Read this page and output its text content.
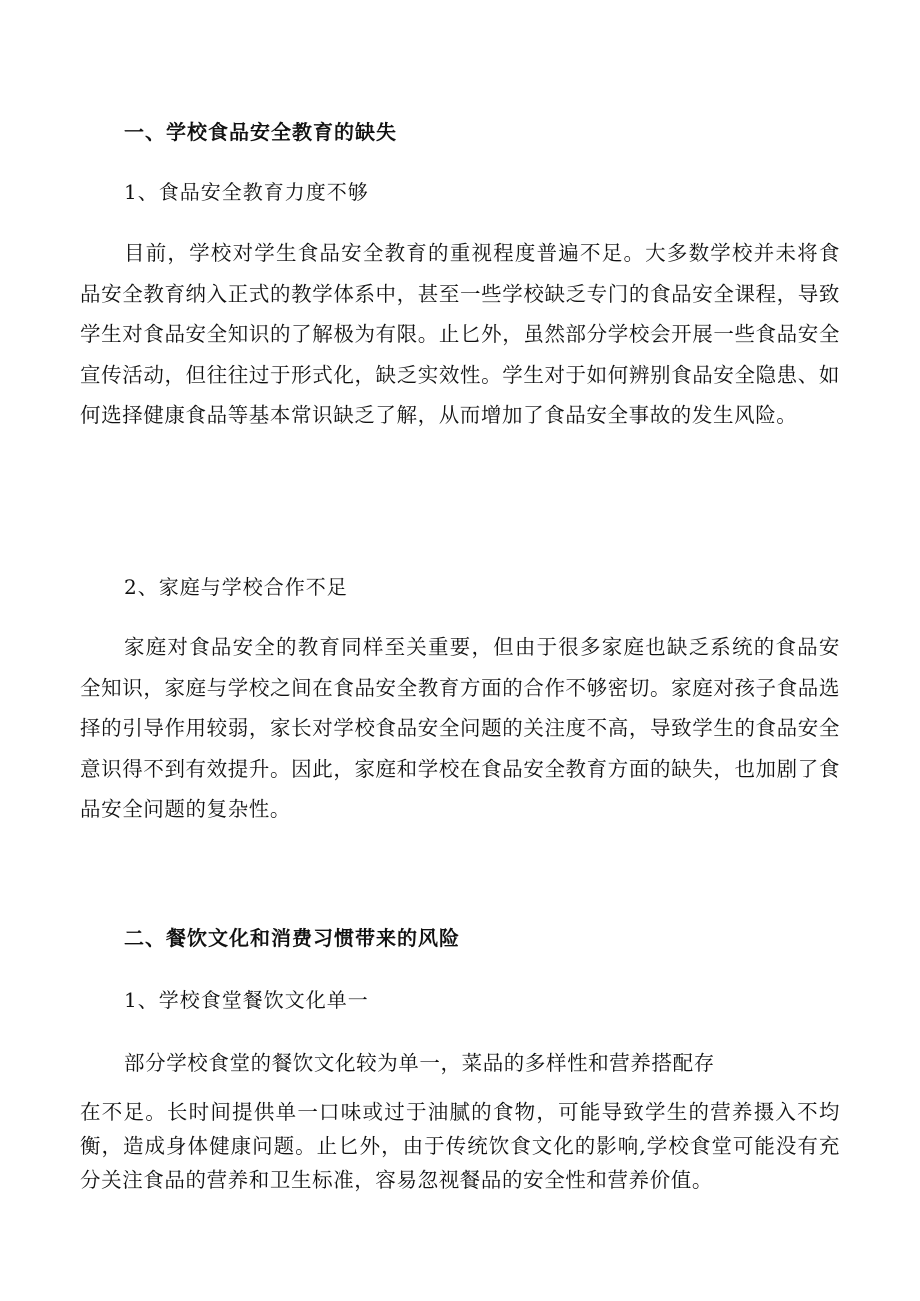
一、学校食品安全教育的缺失
1、食品安全教育力度不够

目前，学校对学生食品安全教育的重视程度普遍不足。大多数学校并未将食品安全教育纳入正式的教学体系中，甚至一些学校缺乏专门的食品安全课程，导致学生对食品安全知识的了解极为有限。止匕外，虽然部分学校会开展一些食品安全宣传活动，但往往过于形式化，缺乏实效性。学生对于如何辨别食品安全隐患、如何选择健康食品等基本常识缺乏了解，从而增加了食品安全事故的发生风险。

2、家庭与学校合作不足

家庭对食品安全的教育同样至关重要，但由于很多家庭也缺乏系统的食品安全知识，家庭与学校之间在食品安全教育方面的合作不够密切。家庭对孩子食品选择的引导作用较弱，家长对学校食品安全问题的关注度不高，导致学生的食品安全意识得不到有效提升。因此，家庭和学校在食品安全教育方面的缺失，也加剧了食品安全问题的复杂性。

二、餐饮文化和消费习惯带来的风险
1、学校食堂餐饮文化单一
部分学校食堂的餐饮文化较为单一，菜品的多样性和营养搭配存

在不足。长时间提供单一口味或过于油腻的食物，可能导致学生的营养摄入不均衡，造成身体健康问题。止匕外，由于传统饮食文化的影响,学校食堂可能没有充分关注食品的营养和卫生标准，容易忽视餐品的安全性和营养价值。
